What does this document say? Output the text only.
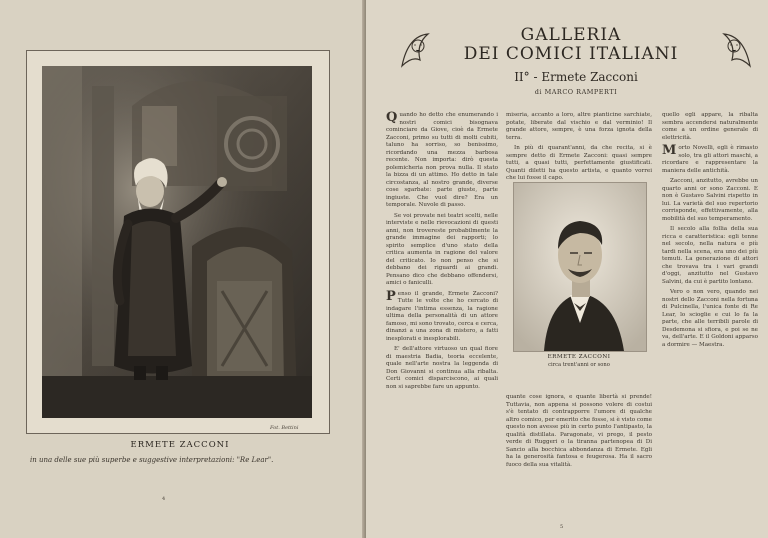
Fot. Bettini
ERMETE ZACCONI
in una delle sue più superbe e suggestive interpretazioni: "Re Lear".
4

GALLERIA

DEI COMICI ITALIANI

II° - Ermete Zacconi
di MARCO RAMPERTI

Quando ho detto che enumerando i nostri comici bisognava cominciare da Giove, cioè da Ermete Zacconi, primo su tutti di molti cubiti, taluno ha sorriso, so benissimo, ricordando una mezza barbosa recente. Non importa: dirò questa polemicheria non prova nulla. Il stato la bizza di un attimo. Ho detto in tale circostanza, al nostro grande, diverse cose sgarbate: parte giuste, parte ingiuste. Che vuol dire? Era un temporale. Nuvole di passo.

Se voi provate nei teatri scelti, nelle interviste e nelle rievocazioni di questi anni, non trovereste probabilmente la grande immagine dei rapporti; lo spirito semplice d'uno stato della critica aumenta in ragione del valore del criticato. Io non penso che si debbano dei riguardi ai grandi. Pensano dico che debbano offendersi, amici o faniculli.

Penso il grande, Ermete Zacconi? Tutte le volte che ho cercato di indagare l'intima essenza, la ragione ultima della personalità di un attore famoso, mi sono trovato, cerca e cerca, dinanzi a una zona di mistero, a fatti inesplorati e inesplorabili.

E' dell'attore virtuoso un qual fiore di maestria Badia, teoria eccelente, quale nell'arte nostra la leggenda di Don Giovanni si continua alla ribalta. Certi comici disparciscono, ai quali non si saprebbe fare un appunto.

miseria, accanto a loro, altre pianticine sarchiate, potate, liberate dal vischio e dal verminio! Il grande attore, sempre, è una forza ignota della terra.

In più di quarant'anni, da che recita, si è sempre detto di Ermete Zacconi: quasi sempre tutti, a quasi tutti, perfettamente giustificati. Quanti diletti ha questo artista, e quanto vorrei che lui fosse il capo.

ERMETE ZACCONI
circa trent'anni or sono

quante cose ignora, e quante libertà si prende! Tuttavia, non appena si possono volere di costui s'è tentato di contrapporre l'umore di qualche altro comico, per emerito che fosse, si è visto come questo non avesse più in certo punto l'antipasto, la qualità distillata. Paragonate, vi prego, il pesto verde di Ruggeri o la tiranna partenopea di Di Sancio alla bocchica abbondanza di Ermete. Egli ha la generosità fantosa e feugerosa. Ha il sacro fuoco della sua vitalità.

quello egli appare, la ribalta sembra accendersi naturalmente come a un ordine generale di elettricità.

Morto Novelli, egli è rimasto solo, tra gli attori maschi, a ricordare e rappresentare la maniera delle antichità.

Zacconi, anzitutto, avrebbe un quarto anni or sono Zacconi. E non è Gustavo Salvini rispetto in lui. La varietà del suo repertorio corrisponde, effettivamente, alla mobilità del suo temperamento.

Il secolo alla follia della sua ricca e caratteristica: egli tenne nel secolo, nella natura e più tardi nella scena, era uno dei più temuti. La generazione di attori che trovava tra i vari grandi d'oggi, anzitutto nel Gustavo Salvini, da cui è partito lontano.

Vero o non vero, quando nei nostri dello Zacconi nella fortuna di Pulcinella, l'unica fonte di Re Lear, lo scioglie e cui lo fa la parte, che alle terribili parole di Desdemona si sfiora, e poi se ne va, dell'arte. E il Goldoni apparso a dormire — Maestra.

5
